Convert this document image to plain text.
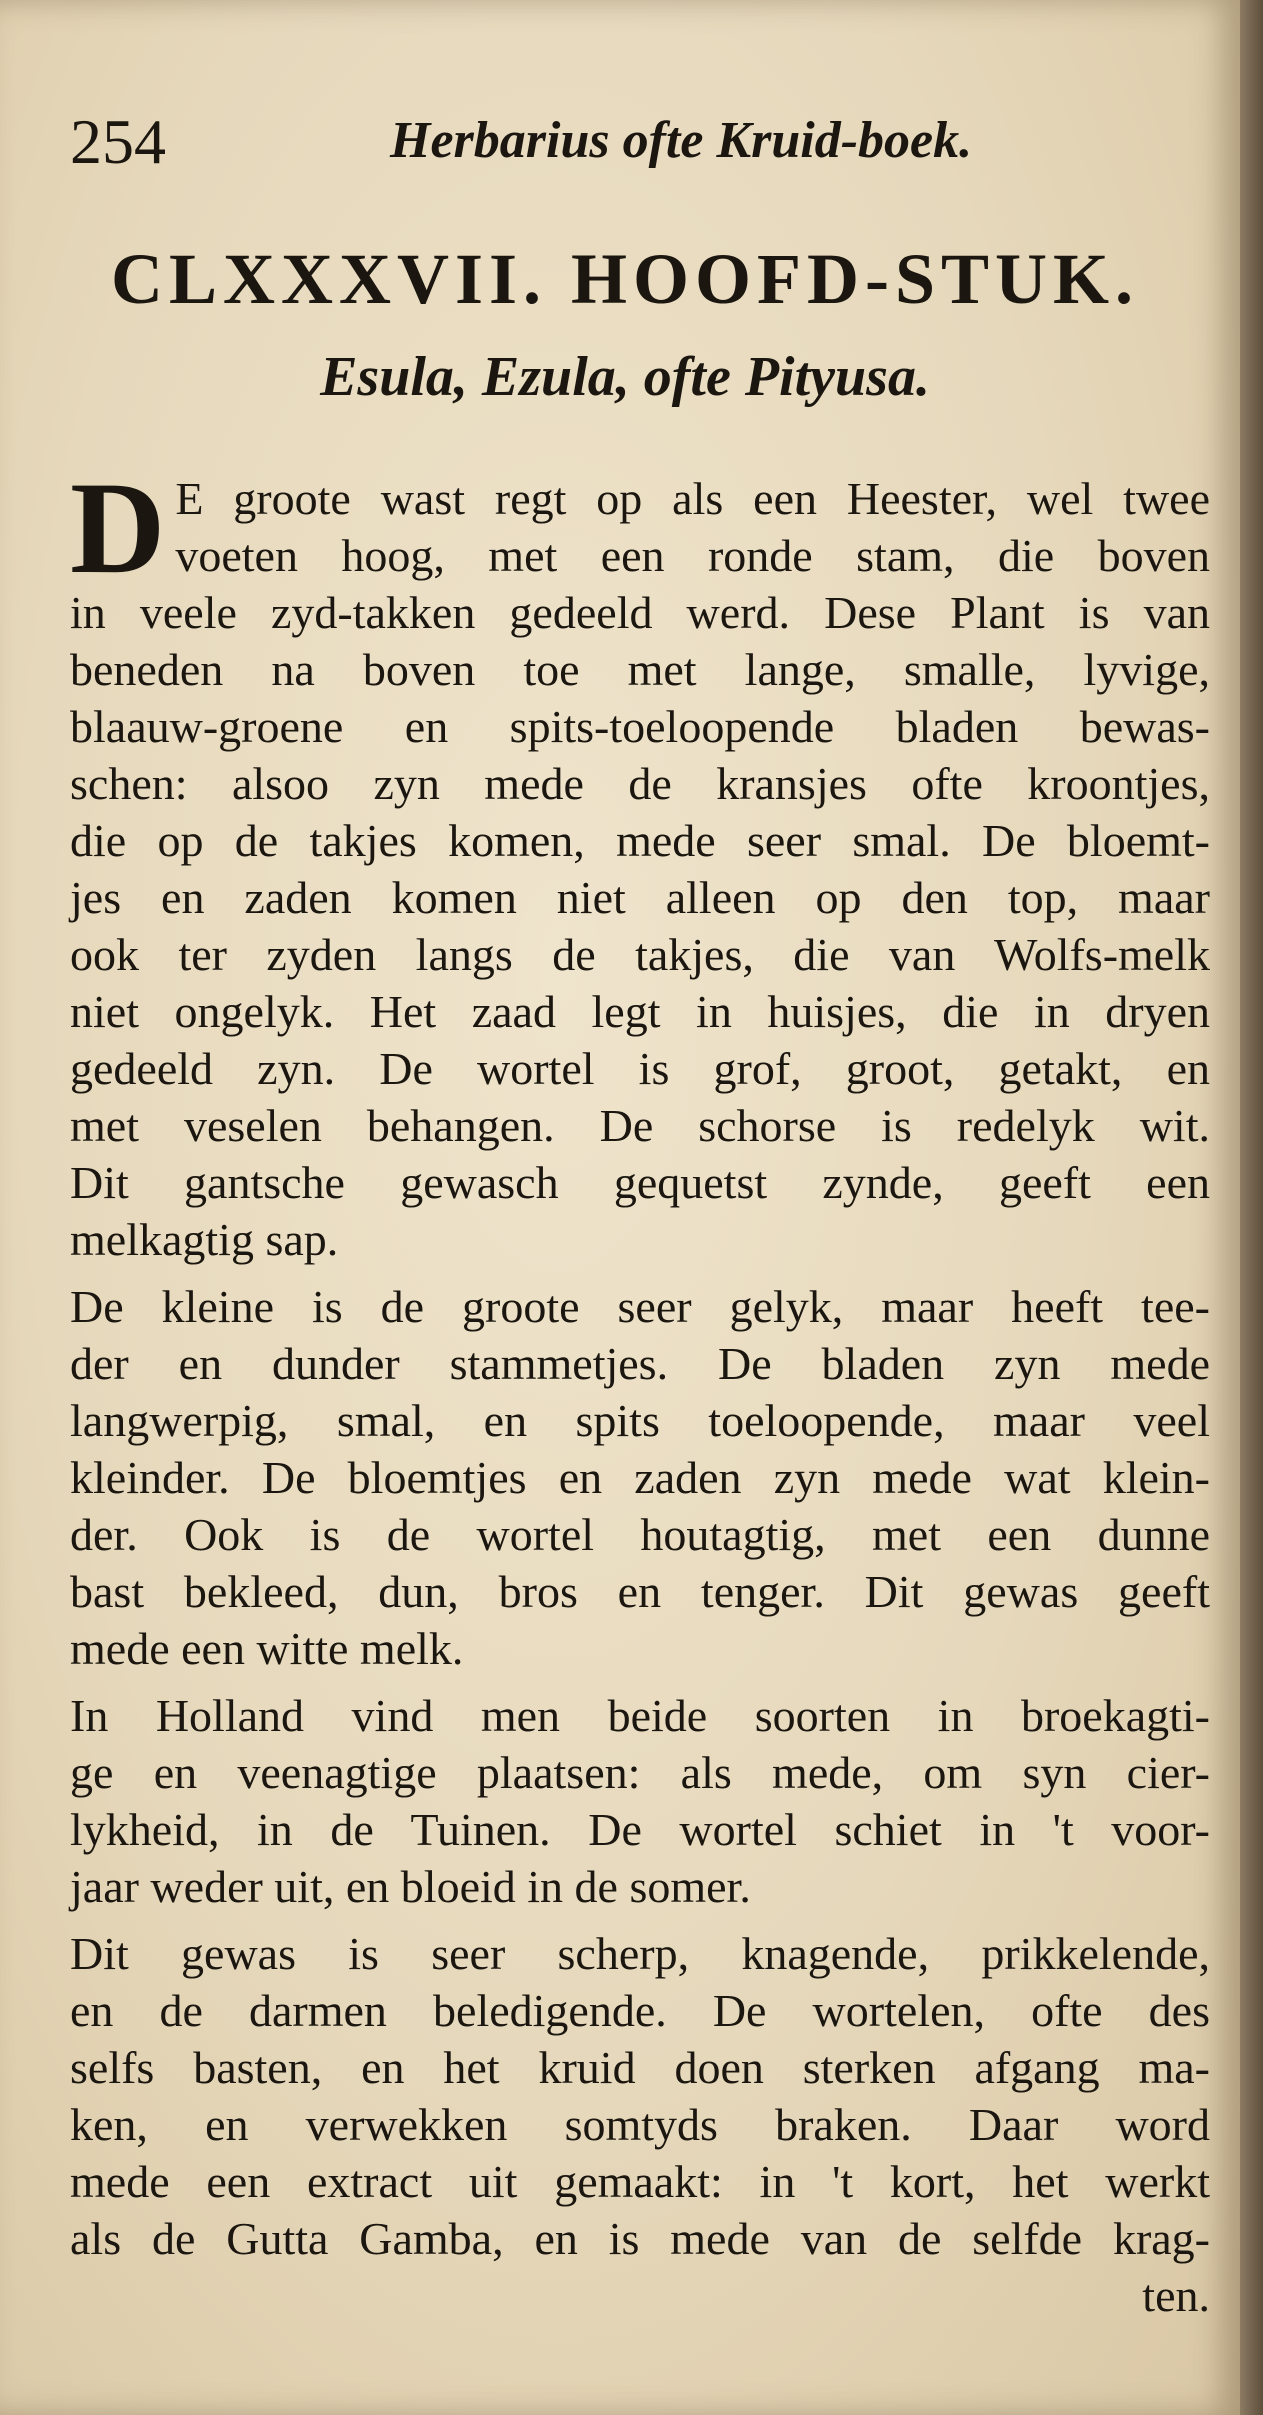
254	Herbarius ofte Kruid-boek.
CLXXXVII. HOOFD-STUK.
Esula, Ezula, ofte Pityusa.
D E groote wast regt op als een Heester, wel twee
voeten hoog, met een ronde stam, die boven
in veele zyd-takken gedeeld werd. Dese Plant is van
beneden na boven toe met lange, smalle, lyvige,
blaauw-groene en spits-toeloopende bladen bewas-
schen: alsoo zyn mede de kransjes ofte kroontjes,
die op de takjes komen, mede seer smal. De bloemt-
jes en zaden komen niet alleen op den top, maar
ook ter zyden langs de takjes, die van Wolfs-melk
niet ongelyk. Het zaad legt in huisjes, die in dryen
gedeeld zyn. De wortel is grof, groot, getakt, en
met veselen behangen. De schorse is redelyk wit.
Dit gantsche gewasch gequetst zynde, geeft een
melkagtig sap.
De kleine is de groote seer gelyk, maar heeft tee-
der en dunder stammetjes. De bladen zyn mede
langwerpig, smal, en spits toeloopende, maar veel
kleinder. De bloemtjes en zaden zyn mede wat klein-
der. Ook is de wortel houtagtig, met een dunne
bast bekleed, dun, bros en tenger. Dit gewas geeft
mede een witte melk.
In Holland vind men beide soorten in broekagti-
ge en veenagtige plaatsen: als mede, om syn cier-
lykheid, in de Tuinen. De wortel schiet in 't voor-
jaar weder uit, en bloeid in de somer.
Dit gewas is seer scherp, knagende, prikkelende,
en de darmen beledigende. De wortelen, ofte des
selfs basten, en het kruid doen sterken afgang ma-
ken, en verwekken somtyds braken. Daar word
mede een extract uit gemaakt: in 't kort, het werkt
als de Gutta Gamba, en is mede van de selfde krag-
ten.
